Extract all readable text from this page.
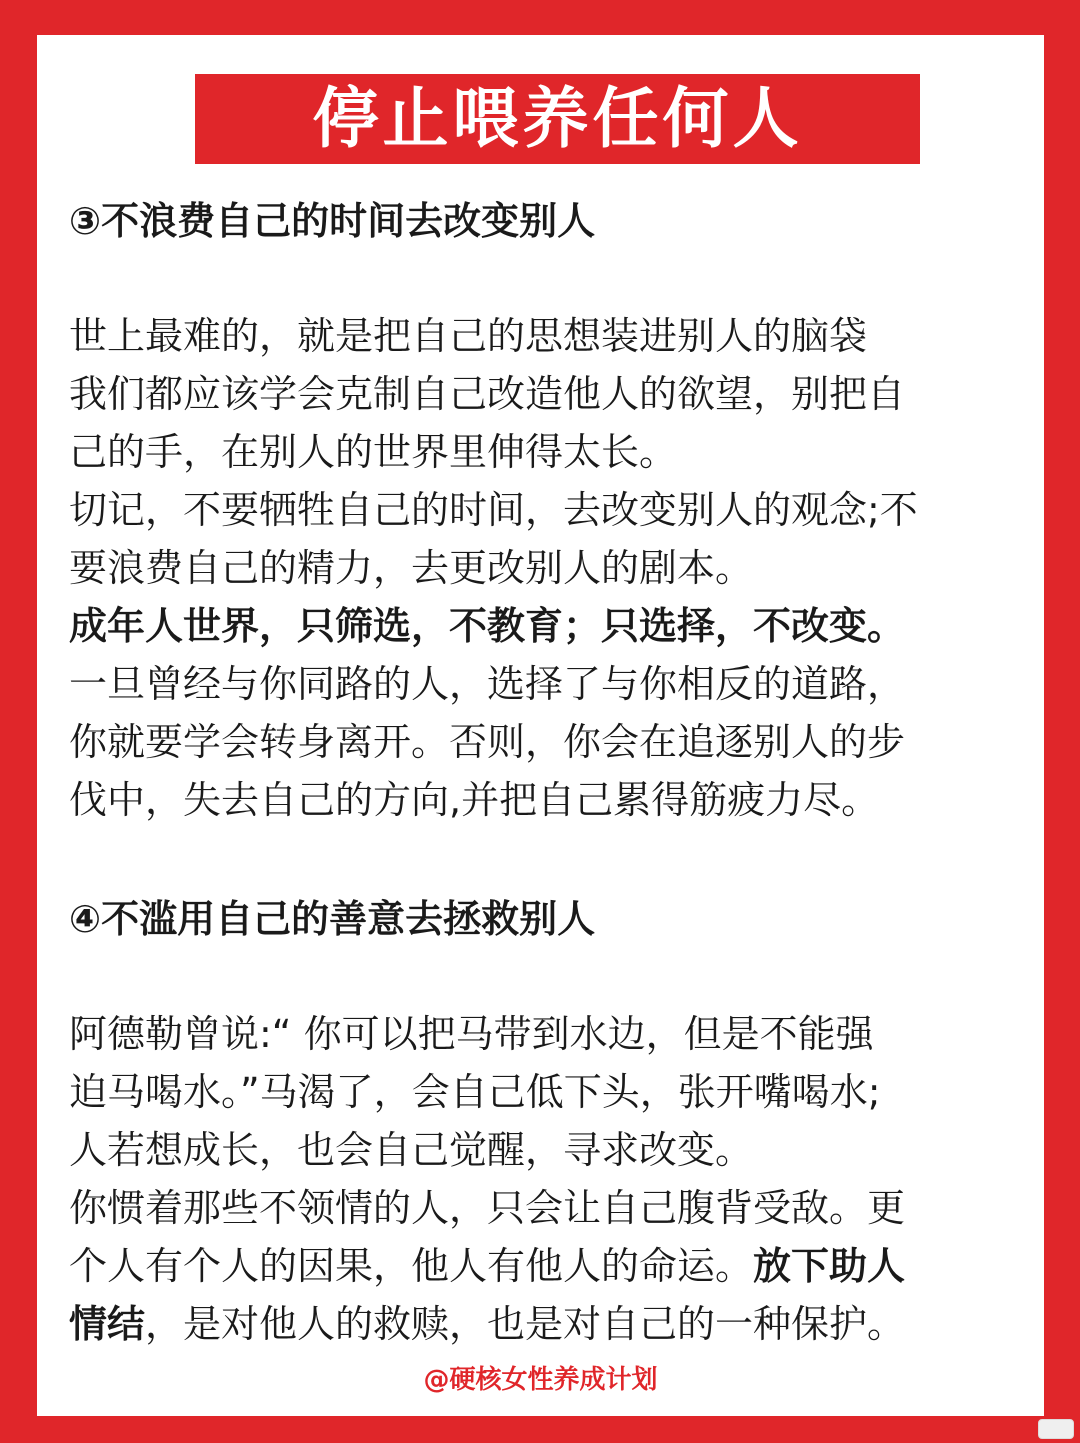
停止喂养任何人
③不浪费自己的时间去改变别人
世上最难的，就是把自己的思想装进别人的脑袋
我们都应该学会克制自己改造他人的欲望，别把自
己的手，在别人的世界里伸得太长。
切记，不要牺牲自己的时间，去改变别人的观念;不
要浪费自己的精力，去更改别人的剧本。
成年人世界，只筛选，不教育；只选择，不改变。
一旦曾经与你同路的人，选择了与你相反的道路，
你就要学会转身离开。否则，你会在追逐别人的步
伐中，失去自己的方向,并把自己累得筋疲力尽。
④不滥用自己的善意去拯救别人
阿德勒曾说:“ 你可以把马带到水边，但是不能强
迫马喝水。”马渴了，会自己低下头，张开嘴喝水;
人若想成长，也会自己觉醒，寻求改变。
你惯着那些不领情的人，只会让自己腹背受敌。更
个人有个人的因果，他人有他人的命运。放下助人
情结，是对他人的救赎，也是对自己的一种保护。
@硬核女性养成计划
